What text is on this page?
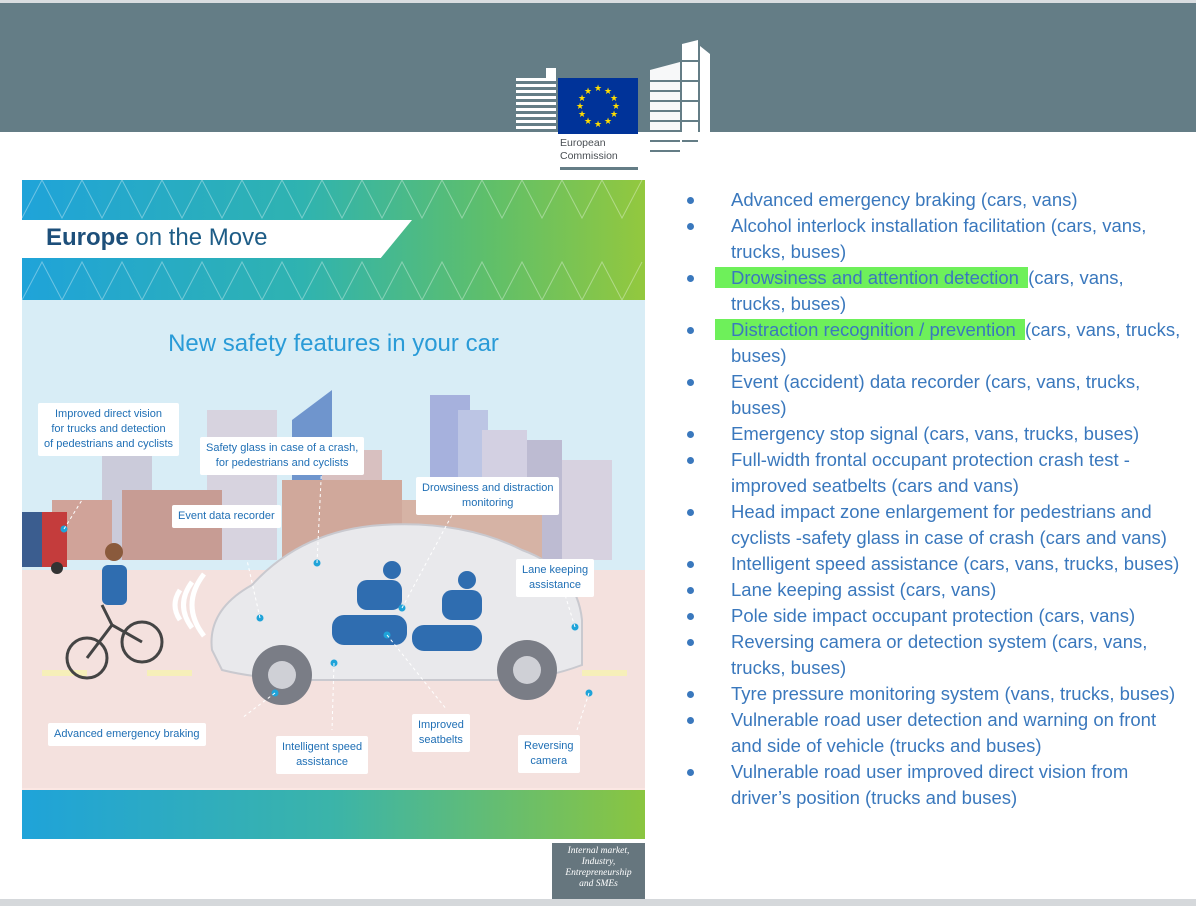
★ ★
★
★
★
★
★
★
★
★
★
★
European
Commission
Europe on the Move
New safety features in your car
Improved direct vision
for trucks and detection
of pedestrians and cyclists	Safety glass in case of a crash,
for pedestrians and cyclists
Drowsiness and distraction
monitoring
Event data recorder
Lane keeping
assistance
Advanced emergency braking
Intelligent speed
assistance
Improved
seatbelts	Reversing
camera
Internal market,
Industry,
Entrepreneurship
and SMEs
Advanced emergency braking (cars, vans)
Alcohol interlock installation facilitation (cars, vans, trucks, buses)
Drowsiness and attention detection (cars, vans, trucks, buses)
Distraction recognition / prevention (cars, vans, trucks, buses)
Event (accident) data recorder (cars, vans, trucks, buses)
Emergency stop signal (cars, vans, trucks, buses)
Full-width frontal occupant protection crash test - improved seatbelts (cars and vans)
Head impact zone enlargement for pedestrians and cyclists -safety glass in case of crash (cars and vans)
Intelligent speed assistance (cars, vans, trucks, buses)
Lane keeping assist (cars, vans)
Pole side impact occupant protection (cars, vans)
Reversing camera or detection system (cars, vans, trucks, buses)
Tyre pressure monitoring system (vans, trucks, buses)
Vulnerable road user detection and warning on front and side of vehicle (trucks and buses)
Vulnerable road user improved direct vision from driver’s position (trucks and buses)
